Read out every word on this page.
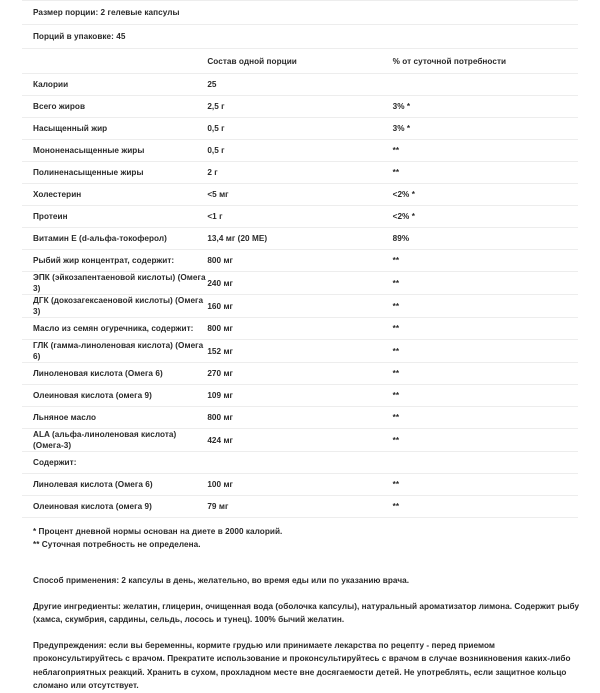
Размер порции: 2 гелевые капсулы		
Порций в упаковке: 45		
	Состав одной порции	% от суточной потребности
Калории	25	
Всего жиров	2,5 г	3% *
Насыщенный жир	0,5 г	3% *
Мононенасыщенные жиры	0,5 г	**
Полиненасыщенные жиры	2 г	**
Холестерин	<5 мг	<2% *
Протеин	<1 г	<2% *
Витамин Е (d-альфа-токоферол)	13,4 мг (20 МЕ)	89%
Рыбий жир концентрат, содержит:	800 мг	**
ЭПК (эйкозапентаеновой кислоты) (Омега 3)	240 мг	**
ДГК (докозагексаеновой кислоты) (Омега 3)	160 мг	**
Масло из семян огуречника, содержит:	800 мг	**
ГЛК (гамма-линоленовая кислота) (Омега 6)	152 мг	**
Линоленовая кислота (Омега 6)	270 мг	**
Олеиновая кислота (омега 9)	109 мг	**
Льняное масло	800 мг	**
ALA (альфа-линоленовая кислота) (Омега-3)	424 мг	**
Содержит:		
Линолевая кислота (Омега 6)	100 мг	**
Олеиновая кислота (омега 9)	79 мг	**

* Процент дневной нормы основан на диете в 2000 калорий.
** Суточная потребность не определена.		

Способ применения: 2 капсулы в день, желательно, во время еды или по указанию врача.

Другие ингредиенты: желатин, глицерин, очищенная вода (оболочка капсулы), натуральный ароматизатор лимона. Содержит рыбу (хамса, скумбрия, сардины, сельдь, лосось и тунец). 100% бычий желатин.

Предупреждения: если вы беременны, кормите грудью или принимаете лекарства по рецепту - перед приемом проконсультируйтесь с врачом. Прекратите использование и проконсультируйтесь с врачом в случае возникновения каких-либо неблагоприятных реакций. Хранить в сухом, прохладном месте вне досягаемости детей. Не употреблять, если защитное кольцо сломано или отсутствует.
